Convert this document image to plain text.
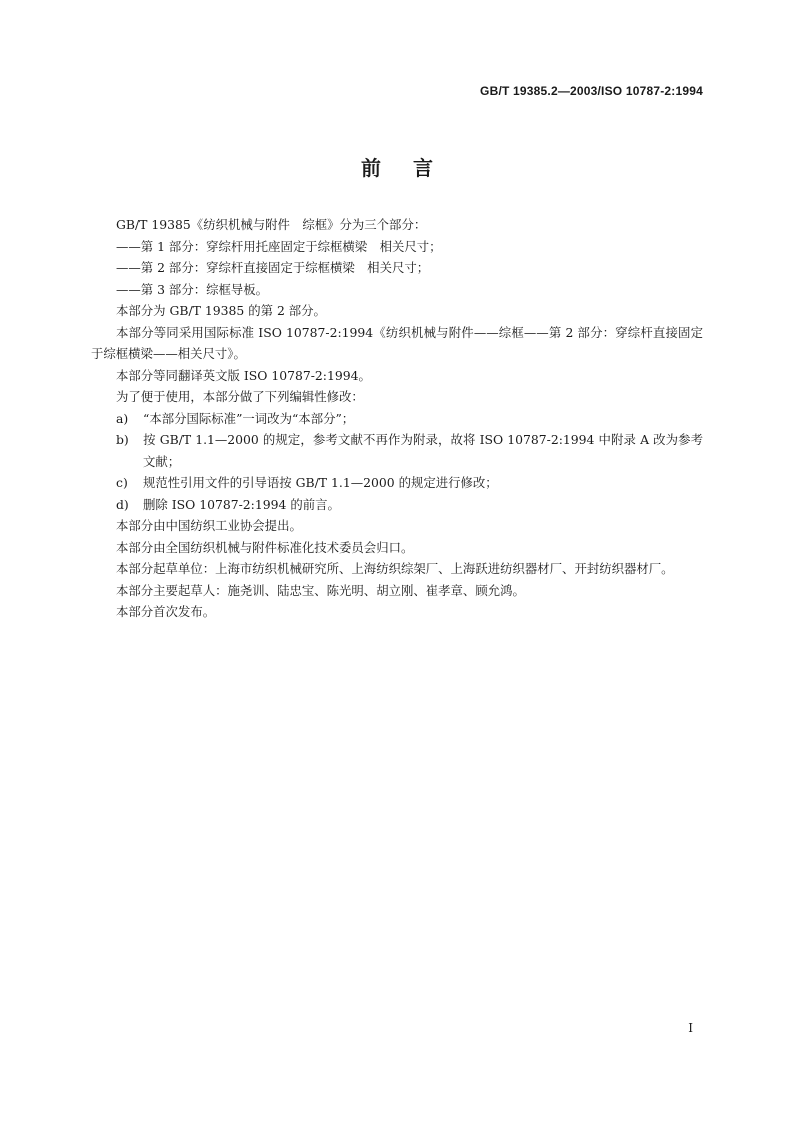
GB/T 19385.2—2003/ISO 10787-2:1994
前言

GB/T 19385《纺织机械与附件　综框》分为三个部分：

——第 1 部分：穿综杆用托座固定于综框横梁　相关尺寸；

——第 2 部分：穿综杆直接固定于综框横梁　相关尺寸；

——第 3 部分：综框导板。

本部分为 GB/T 19385 的第 2 部分。

本部分等同采用国际标准 ISO 10787-2:1994《纺织机械与附件——综框——第 2 部分：穿综杆直接固定于综框横梁——相关尺寸》。

本部分等同翻译英文版 ISO 10787-2:1994。

为了便于使用，本部分做了下列编辑性修改：

a) “本部分国际标准”一词改为“本部分”；

b) 按 GB/T 1.1—2000 的规定，参考文献不再作为附录，故将 ISO 10787-2:1994 中附录 A 改为参考文献；

c) 规范性引用文件的引导语按 GB/T 1.1—2000 的规定进行修改；

d) 删除 ISO 10787-2:1994 的前言。

本部分由中国纺织工业协会提出。

本部分由全国纺织机械与附件标准化技术委员会归口。

本部分起草单位：上海市纺织机械研究所、上海纺织综架厂、上海跃进纺织器材厂、开封纺织器材厂。

本部分主要起草人：施尧训、陆忠宝、陈光明、胡立刚、崔孝章、顾允鸿。

本部分首次发布。

I
